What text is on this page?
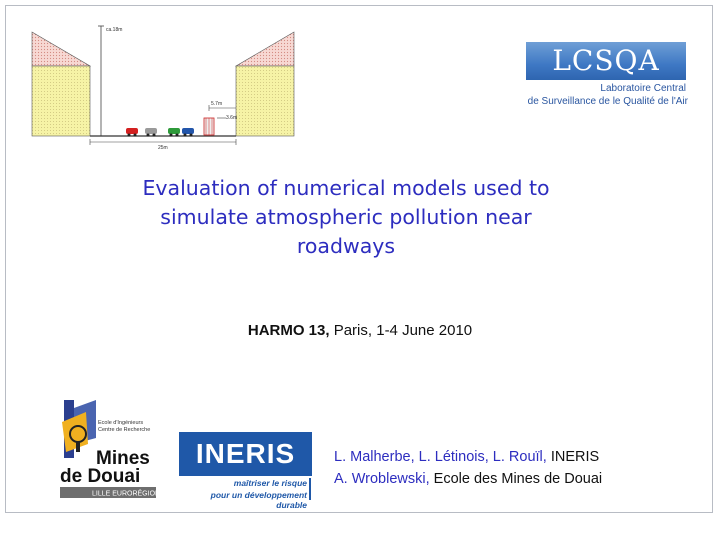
ca.18m
5.7m
3.6m
25m
LCSQA
Laboratoire Central
de Surveillance de le Qualité de l'Air
Evaluation of numerical models used to
simulate atmospheric pollution near
roadways
HARMO 13, Paris, 1-4 June 2010
Ecole d'Ingénieurs
Centre de Recherche
Mines
de Douai
LILLE EURORÉGION
INERIS
maîtriser le risque
pour un développement durable
L. Malherbe, L. Létinois, L. Rouïl, INERIS
A. Wroblewski, Ecole des Mines de Douai
